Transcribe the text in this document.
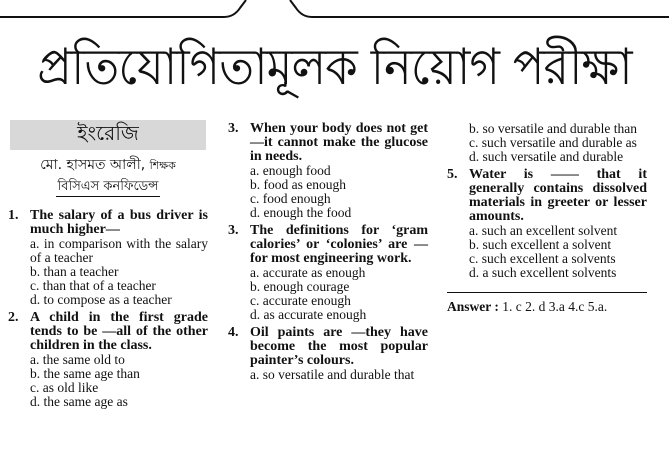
প্রতিযোগিতামূলক নিয়োগ পরীক্ষা
ইংরেজি
মো. হাসমত আলী, শিক্ষক
বিসিএস কনফিডেন্স
1. The salary of a bus driver is much higher—
a. in comparison with the salary of a teacher
b. than a teacher
c. than that of a teacher
d. to compose as a teacher
2. A child in the first grade tends to be —all of the other children in the class.
a. the same old to
b. the same age than
c. as old like
d. the same age as
3. When your body does not get —it cannot make the glucose in needs.
a. enough food
b. food as enough
c. food enough
d. enough the food
3. The definitions for ‘gram calories’ or ‘colonies’ are — for most engineering work.
a. accurate as enough
b. enough courage
c. accurate enough
d. as accurate enough
4. Oil paints are —they have become the most popular painter’s colours.
a. so versatile and durable that
b. so versatile and durable than
c. such versatile and durable as
d. such versatile and durable
5. Water is —— that it generally contains dissolved materials in greeter or lesser amounts.
a. such an excellent solvent
b. such excellent a solvent
c. such excellent a solvents
d. a such excellent solvents
Answer : 1. c 2. d 3.a 4.c 5.a.
